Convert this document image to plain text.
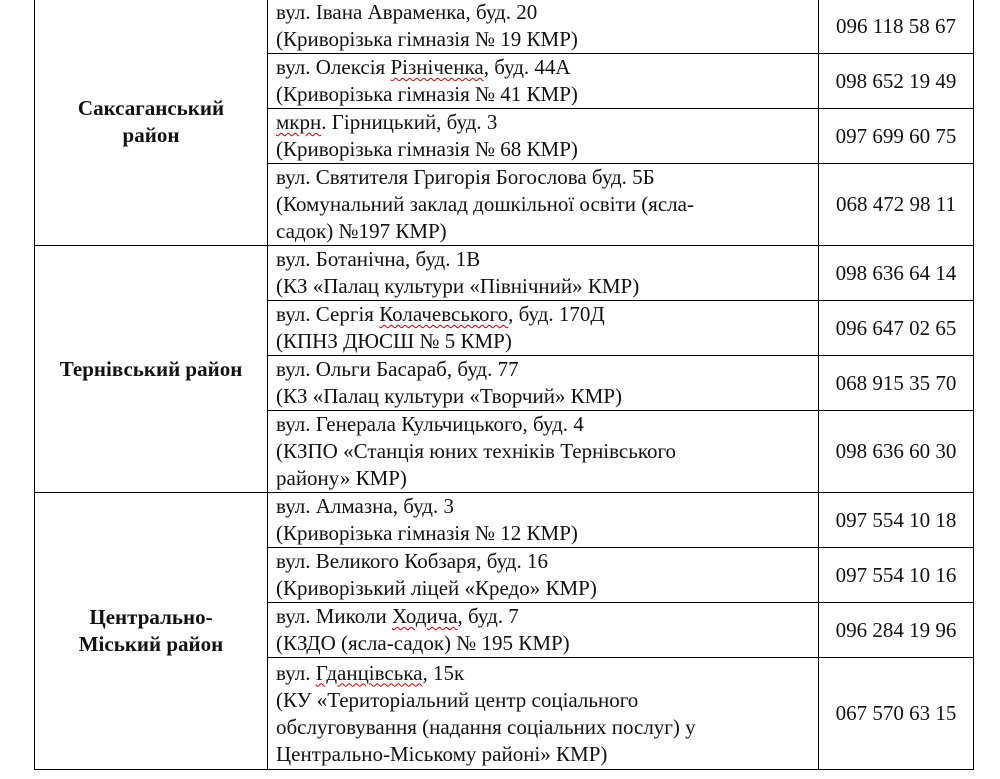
Саксаганський
район	вул. Івана Авраменка, буд. 20
(Криворізька гімназія № 19 КМР)	096 118 58 67

	вул. Олексія Різніченка, буд. 44А
(Криворізька гімназія № 41 КМР)	098 652 19 49

	мкрн. Гірницький, буд. 3
(Криворізька гімназія № 68 КМР)	097 699 60 75

	вул. Святителя Григорія Богослова буд. 5Б
(Комунальний заклад дошкільної освіти (ясла-
садок) №197 КМР)	068 472 98 11

Тернівський район	вул. Ботанічна, буд. 1В
(КЗ «Палац культури «Північний» КМР)	098 636 64 14

	вул. Сергія Колачевського, буд. 170Д
(КПНЗ ДЮСШ № 5 КМР)	096 647 02 65

	вул. Ольги Басараб, буд. 77
(КЗ «Палац культури «Творчий» КМР)	068 915 35 70

	вул. Генерала Кульчицького, буд. 4
(КЗПО «Станція юних техніків Тернівського
району» КМР)	098 636 60 30

Центрально-
Міський район	вул. Алмазна, буд. 3
(Криворізька гімназія № 12 КМР)	097 554 10 18

	вул. Великого Кобзаря, буд. 16
(Криворізький ліцей «Кредо» КМР)	097 554 10 16

	вул. Миколи Ходича, буд. 7
(КЗДО (ясла-садок) № 195 КМР)	096 284 19 96

	вул. Гданцівська, 15к
(КУ «Територіальний центр соціального
обслуговування (надання соціальних послуг) у
Центрально-Міському районі» КМР)	067 570 63 15
